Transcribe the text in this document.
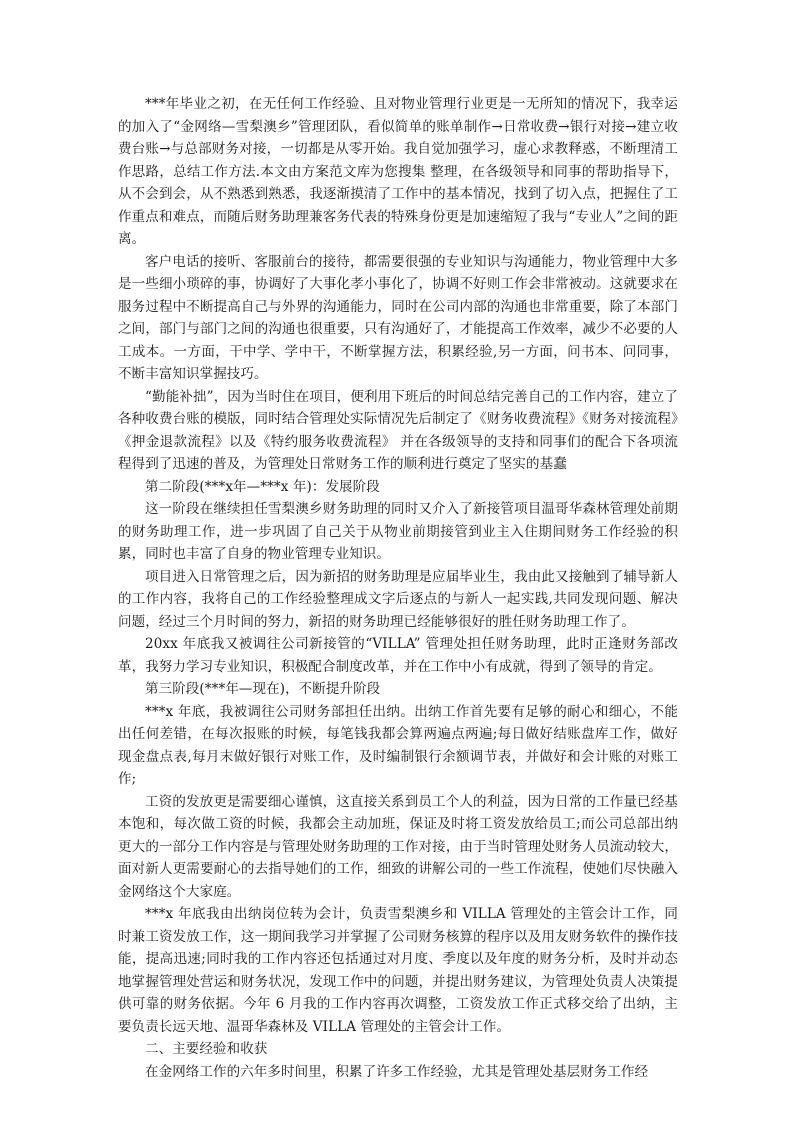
***年毕业之初，在无任何工作经验、且对物业管理行业更是一无所知的情况下，我幸运的加入了“金网络—雪梨澳乡”管理团队，看似简单的账单制作→日常收费→银行对接→建立收费台账→与总部财务对接，一切都是从零开始。我自觉加强学习，虚心求教释惑，不断理清工作思路，总结工作方法.本文由方案范文库为您搜集 整理，在各级领导和同事的帮助指导下，从不会到会，从不熟悉到熟悉，我逐渐摸清了工作中的基本情况，找到了切入点，把握住了工作重点和难点，而随后财务助理兼客务代表的特殊身份更是加速缩短了我与“专业人”之间的距离。

客户电话的接听、客服前台的接待，都需要很强的专业知识与沟通能力，物业管理中大多是一些细小琐碎的事，协调好了大事化孝小事化了，协调不好则工作会非常被动。这就要求在服务过程中不断提高自己与外界的沟通能力，同时在公司内部的沟通也非常重要，除了本部门之间，部门与部门之间的沟通也很重要，只有沟通好了，才能提高工作效率，减少不必要的人工成本。一方面，干中学、学中干，不断掌握方法，积累经验,另一方面，问书本、问同事，不断丰富知识掌握技巧。

“勤能补拙”，因为当时住在项目，便利用下班后的时间总结完善自己的工作内容，建立了各种收费台账的模版，同时结合管理处实际情况先后制定了《财务收费流程》《财务对接流程》《押金退款流程》以及《特约服务收费流程》 并在各级领导的支持和同事们的配合下各项流程得到了迅速的普及，为管理处日常财务工作的顺利进行奠定了坚实的基蠢

第二阶段(***x年—***x 年)：发展阶段

这一阶段在继续担任雪梨澳乡财务助理的同时又介入了新接管项目温哥华森林管理处前期的财务助理工作，进一步巩固了自己关于从物业前期接管到业主入住期间财务工作经验的积累，同时也丰富了自身的物业管理专业知识。

项目进入日常管理之后，因为新招的财务助理是应届毕业生，我由此又接触到了辅导新人的工作内容，我将自己的工作经验整理成文字后逐点的与新人一起实践,共同发现问题、解决问题，经过三个月时间的努力，新招的财务助理已经能够很好的胜任财务助理工作了。

20xx 年底我又被调往公司新接管的“VILLA” 管理处担任财务助理，此时正逢财务部改革，我努力学习专业知识，积极配合制度改革，并在工作中小有成就，得到了领导的肯定。

第三阶段(***年—现在)，不断提升阶段

***x 年底，我被调往公司财务部担任出纳。出纳工作首先要有足够的耐心和细心，不能出任何差错，在每次报账的时候，每笔钱我都会算两遍点两遍;每日做好结账盘库工作，做好现金盘点表,每月末做好银行对账工作，及时编制银行余额调节表，并做好和会计账的对账工作;

工资的发放更是需要细心谨慎，这直接关系到员工个人的利益，因为日常的工作量已经基本饱和，每次做工资的时候，我都会主动加班，保证及时将工资发放给员工;而公司总部出纳更大的一部分工作内容是与管理处财务助理的工作对接，由于当时管理处财务人员流动较大，面对新人更需要耐心的去指导她们的工作，细致的讲解公司的一些工作流程，使她们尽快融入金网络这个大家庭。

***x 年底我由出纳岗位转为会计，负责雪梨澳乡和 VILLA 管理处的主管会计工作，同时兼工资发放工作，这一期间我学习并掌握了公司财务核算的程序以及用友财务软件的操作技能，提高迅速;同时我的工作内容还包括通过对月度、季度以及年度的财务分析，及时并动态地掌握管理处营运和财务状况，发现工作中的问题，并提出财务建议，为管理处负责人决策提供可靠的财务依据。今年 6 月我的工作内容再次调整，工资发放工作正式移交给了出纳，主要负责长远天地、温哥华森林及 VILLA 管理处的主管会计工作。

二、主要经验和收获

在金网络工作的六年多时间里，积累了许多工作经验，尤其是管理处基层财务工作经
